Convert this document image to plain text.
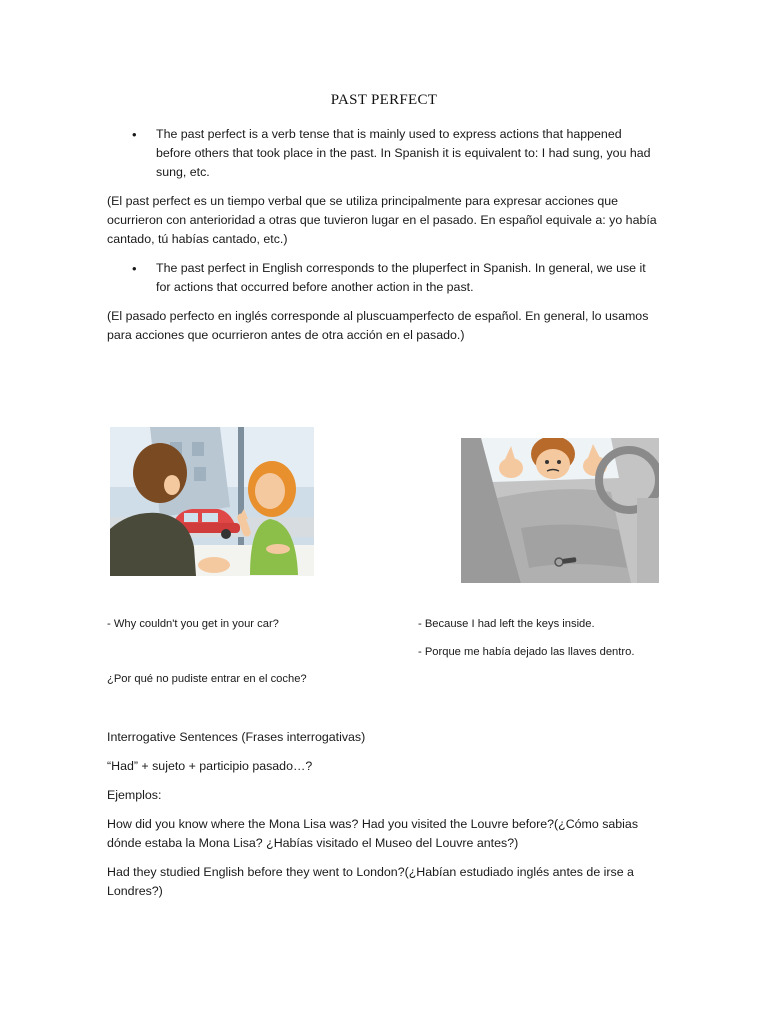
PAST PERFECT
• The past perfect is a verb tense that is mainly used to express actions that happened before others that took place in the past. In Spanish it is equivalent to: I had sung, you had sung, etc.
(El past perfect es un tiempo verbal que se utiliza principalmente para expresar acciones que ocurrieron con anterioridad a otras que tuvieron lugar en el pasado. En español equivale a: yo había cantado, tú habías cantado, etc.)
• The past perfect in English corresponds to the pluperfect in Spanish. In general, we use it for actions that occurred before another action in the past.
(El pasado perfecto en inglés corresponde al pluscuamperfecto de español. En general, lo usamos para acciones que ocurrieron antes de otra acción en el pasado.)
- Why couldn't you get in your car?	- Because I had left the keys inside.
- Porque me había dejado las llaves dentro.
¿Por qué no pudiste entrar en el coche?
Interrogative Sentences (Frases interrogativas)
“Had” + sujeto + participio pasado…?
Ejemplos:
How did you know where the Mona Lisa was? Had you visited the Louvre before?(¿Cómo sabias dónde estaba la Mona Lisa? ¿Habías visitado el Museo del Louvre antes?)
Had they studied English before they went to London?(¿Habían estudiado inglés antes de irse a Londres?)
